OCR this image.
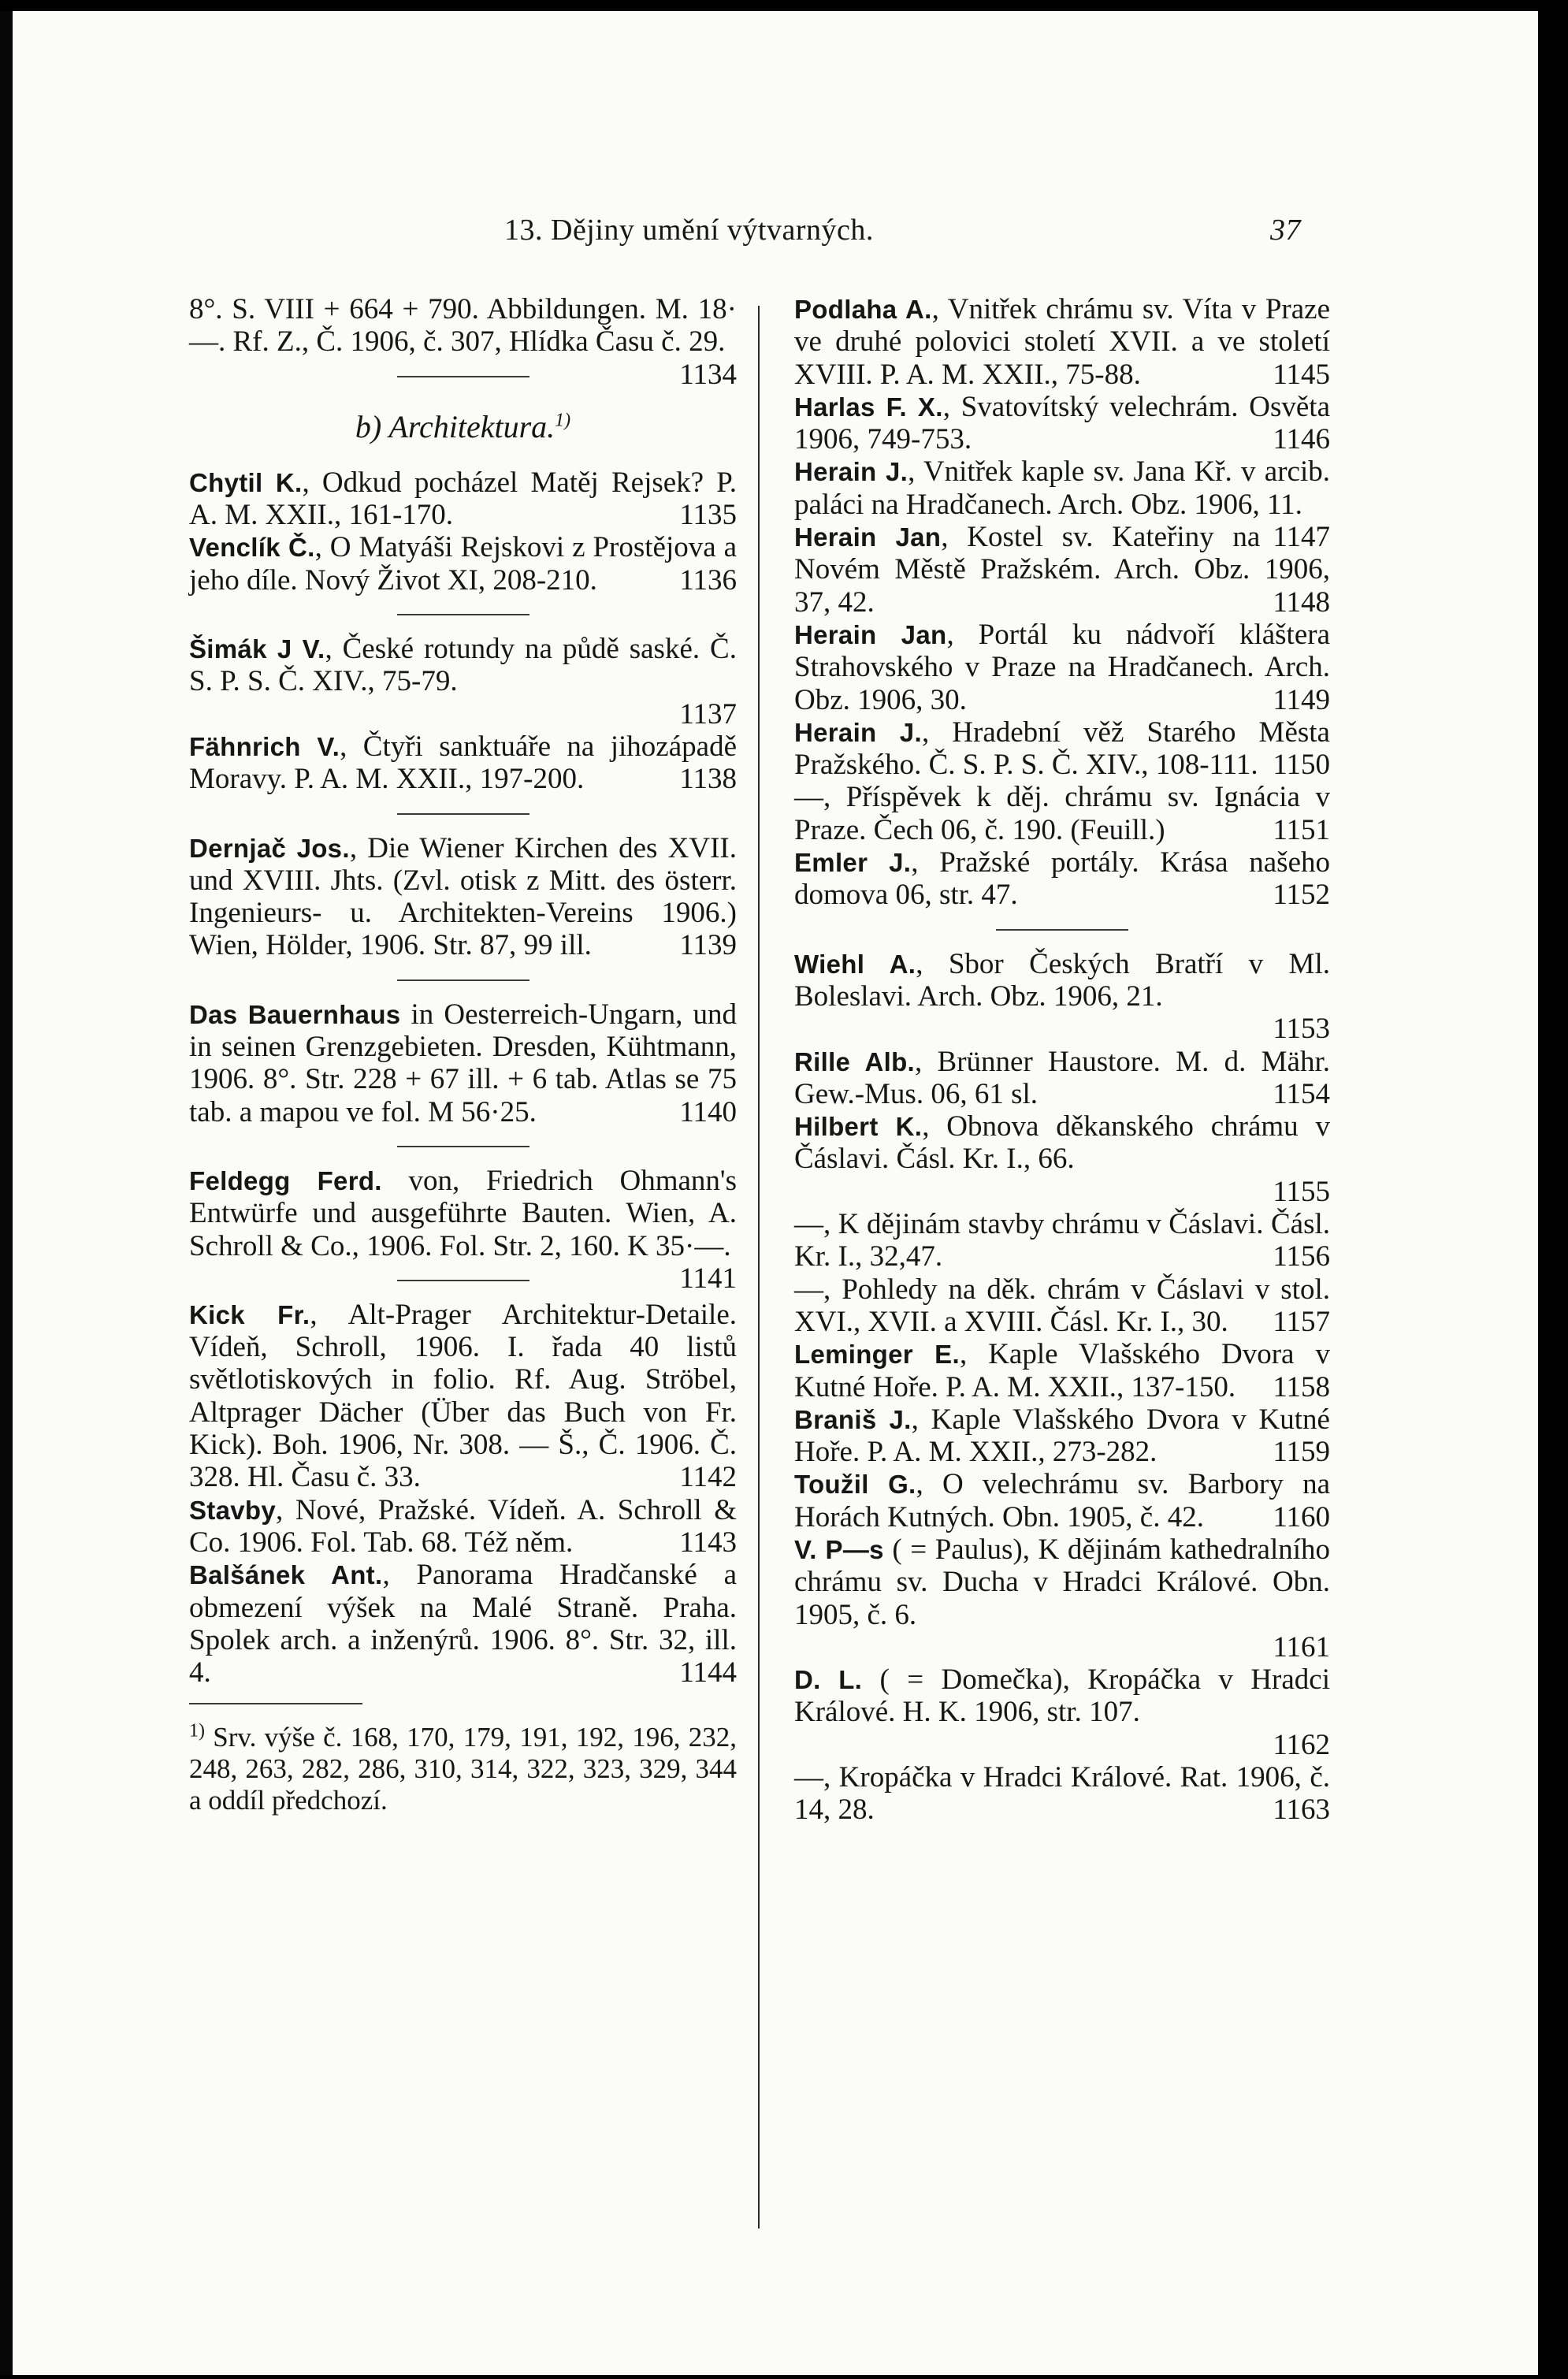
13. Dějiny umění výtvarných.	37

8°. S. VIII + 664 + 790. Abbildungen. M. 18·—. Rf. Z., Č. 1906, č. 307, Hlídka Času č. 29.
1134

b) Architektura.$^{1)}$

Chytil K., Odkud pocházel Matěj Rejsek? P. A. M. XXII., 161-170.	1135

Venclík Č., O Matyáši Rejskovi z Prostějova a jeho díle. Nový Život XI, 208-210.	1136

Šimák J V., České rotundy na půdě saské. Č. S. P. S. Č. XIV., 75-79.
1137

Fähnrich V., Čtyři sanktuáře na jihozápadě Moravy. P. A. M. XXII., 197-200.	1138

Dernjač Jos., Die Wiener Kirchen des XVII. und XVIII. Jhts. (Zvl. otisk z Mitt. des österr. Ingenieurs- u. Architekten-Vereins 1906.) Wien, Hölder, 1906. Str. 87, 99 ill.	1139

Das Bauernhaus in Oesterreich-Ungarn, und in seinen Grenzgebieten. Dresden, Kühtmann, 1906. 8°. Str. 228 + 67 ill. + 6 tab. Atlas se 75 tab. a mapou ve fol. M 56·25.	1140

Feldegg Ferd. von, Friedrich Ohmann's Entwürfe und ausgeführte Bauten. Wien, A. Schroll & Co., 1906. Fol. Str. 2, 160. K 35·—.
1141

Kick Fr., Alt-Prager Architektur-Detaile. Vídeň, Schroll, 1906. I. řada 40 listů světlotiskových in folio. Rf. Aug. Ströbel, Altprager Dächer (Über das Buch von Fr. Kick). Boh. 1906, Nr. 308. — Š., Č. 1906. Č. 328. Hl. Času č. 33.	1142

Stavby, Nové, Pražské. Vídeň. A. Schroll & Co. 1906. Fol. Tab. 68. Též něm.	1143

Balšánek Ant., Panorama Hradčanské a obmezení výšek na Malé Straně. Praha. Spolek arch. a inženýrů. 1906. 8°. Str. 32, ill. 4.	1144

$^{1)}$ Srv. výše č. 168, 170, 179, 191, 192, 196, 232, 248, 263, 282, 286, 310, 314, 322, 323, 329, 344 a oddíl předchozí.

Podlaha A., Vnitřek chrámu sv. Víta v Praze ve druhé polovici století XVII. a ve století XVIII. P. A. M. XXII., 75-88.	1145

Harlas F. X., Svatovítský velechrám. Osvěta 1906, 749-753.	1146

Herain J., Vnitřek kaple sv. Jana Kř. v arcib. paláci na Hradčanech. Arch. Obz. 1906, 11.
1147

Herain Jan, Kostel sv. Kateřiny na Novém Městě Pražském. Arch. Obz. 1906, 37, 42.	1148

Herain Jan, Portál ku nádvoří kláštera Strahovského v Praze na Hradčanech. Arch. Obz. 1906, 30.	1149

Herain J., Hradební věž Starého Města Pražského. Č. S. P. S. Č. XIV., 108-111. 1150

—, Příspěvek k děj. chrámu sv. Ignácia v Praze. Čech 06, č. 190. (Feuill.)	1151

Emler J., Pražské portály. Krása našeho domova 06, str. 47.	1152

Wiehl A., Sbor Českých Bratří v Ml. Boleslavi. Arch. Obz. 1906, 21.
1153

Rille Alb., Brünner Haustore. M. d. Mähr. Gew.-Mus. 06, 61 sl.	1154

Hilbert K., Obnova děkanského chrámu v Čáslavi. Čásl. Kr. I., 66.
1155

—, K dějinám stavby chrámu v Čáslavi. Čásl. Kr. I., 32,47.	1156

—, Pohledy na děk. chrám v Čáslavi v stol. XVI., XVII. a XVIII. Čásl. Kr. I., 30. 1157

Leminger E., Kaple Vlašského Dvora v Kutné Hoře. P. A. M. XXII., 137-150. 1158

Braniš J., Kaple Vlašského Dvora v Kutné Hoře. P. A. M. XXII., 273-282.	1159

Toužil G., O velechrámu sv. Barbory na Horách Kutných. Obn. 1905, č. 42. 1160

V. P—s ( = Paulus), K dějinám kathedralního chrámu sv. Ducha v Hradci Králové. Obn. 1905, č. 6.
1161

D. L. ( = Domečka), Kropáčka v Hradci Králové. H. K. 1906, str. 107.
1162

—, Kropáčka v Hradci Králové. Rat. 1906, č. 14, 28.	1163
